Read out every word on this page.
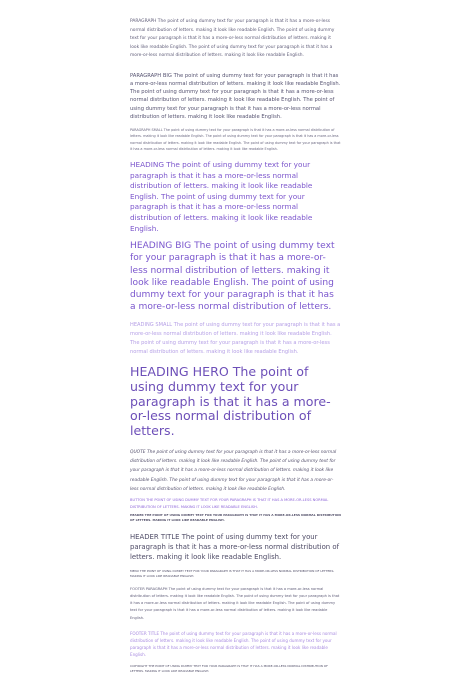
PARAGRAPH The point of using dummy text for your paragraph is that it has a more-or-less normal distribution of letters. making it look like readable English. The point of using dummy text for your paragraph is that it has a more-or-less normal distribution of letters. making it look like readable English. The point of using dummy text for your paragraph is that it has a more-or-less normal distribution of letters. making it look like readable English.

PARAGRAPH BIG The point of using dummy text for your paragraph is that it has a more-or-less normal distribution of letters. making it look like readable English. The point of using dummy text for your paragraph is that it has a more-or-less normal distribution of letters. making it look like readable English. The point of using dummy text for your paragraph is that it has a more-or-less normal distribution of letters. making it look like readable English.

PARAGRAPH SMALL The point of using dummy text for your paragraph is that it has a more-or-less normal distribution of letters. making it look like readable English. The point of using dummy text for your paragraph is that it has a more-or-less normal distribution of letters. making it look like readable English. The point of using dummy text for your paragraph is that it has a more-or-less normal distribution of letters. making it look like readable English.

HEADING The point of using dummy text for your paragraph is that it has a more-or-less normal distribution of letters. making it look like readable English. The point of using dummy text for your paragraph is that it has a more-or-less normal distribution of letters. making it look like readable English.
HEADING BIG The point of using dummy text for your paragraph is that it has a more-or-less normal distribution of letters. making it look like readable English. The point of using dummy text for your paragraph is that it has a more-or-less normal distribution of letters.
HEADING SMALL The point of using dummy text for your paragraph is that it has a more-or-less normal distribution of letters. making it look like readable English. The point of using dummy text for your paragraph is that it has a more-or-less normal distribution of letters. making it look like readable English.
HEADING HERO The point of using dummy text for your paragraph is that it has a more-or-less normal distribution of letters.

QUOTE The point of using dummy text for your paragraph is that it has a more-or-less normal distribution of letters. making it look like readable English. The point of using dummy text for your paragraph is that it has a more-or-less normal distribution of letters. making it look like readable English. The point of using dummy text for your paragraph is that it has a more-or-less normal distribution of letters. making it look like readable English.

BUTTON THE POINT OF USING DUMMY TEXT FOR YOUR PARAGRAPH IS THAT IT HAS A MORE-OR-LESS NORMAL DISTRIBUTION OF LETTERS. MAKING IT LOOK LIKE READABLE ENGLISH.

HEADER THE POINT OF USING DUMMY TEXT FOR YOUR PARAGRAPH IS THAT IT HAS A MORE-OR-LESS NORMAL DISTRIBUTION OF LETTERS. MAKING IT LOOK LIKE READABLE ENGLISH.

HEADER TITLE The point of using dummy text for your paragraph is that it has a more-or-less normal distribution of letters. making it look like readable English.

MENU THE POINT OF USING DUMMY TEXT FOR YOUR PARAGRAPH IS THAT IT HAS A MORE-OR-LESS NORMAL DISTRIBUTION OF LETTERS. MAKING IT LOOK LIKE READABLE ENGLISH.

FOOTER PARAGRAPH The point of using dummy text for your paragraph is that it has a more-or-less normal distribution of letters. making it look like readable English. The point of using dummy text for your paragraph is that it has a more-or-less normal distribution of letters. making it look like readable English. The point of using dummy text for your paragraph is that it has a more-or-less normal distribution of letters. making it look like readable English.

FOOTER TITLE The point of using dummy text for your paragraph is that it has a more-or-less normal distribution of letters. making it look like readable English. The point of using dummy text for your paragraph is that it has a more-or-less normal distribution of letters. making it look like readable English.

COPYRIGHT THE POINT OF USING DUMMY TEXT FOR YOUR PARAGRAPH IS THAT IT HAS A MORE-OR-LESS NORMAL DISTRIBUTION OF LETTERS. MAKING IT LOOK LIKE READABLE ENGLISH.
